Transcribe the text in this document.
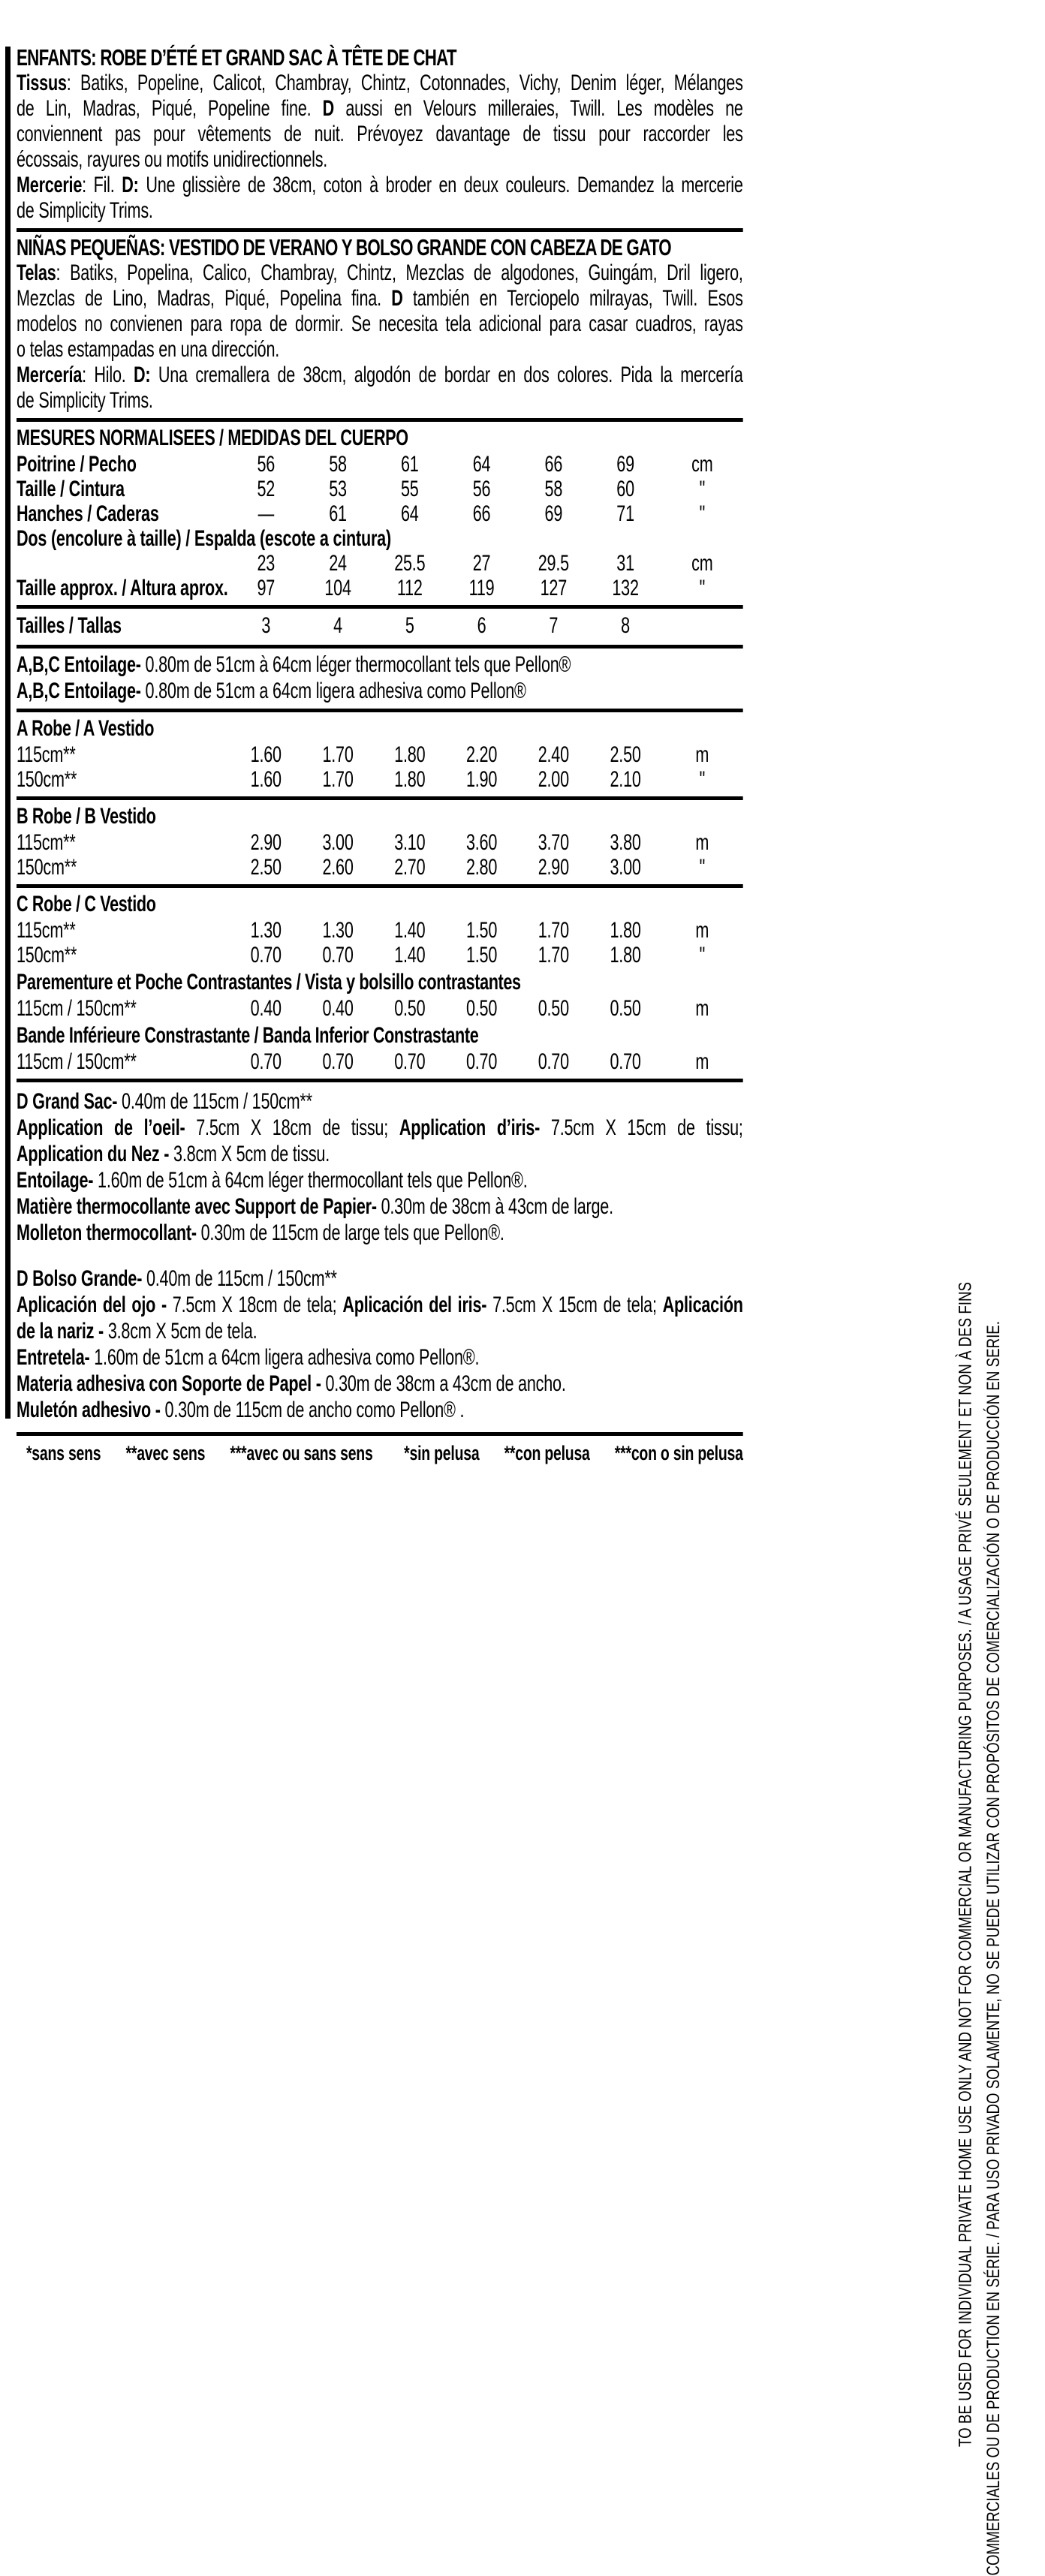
ENFANTS: ROBE D’ÉTÉ ET GRAND SAC À TÊTE DE CHAT
Tissus: Batiks, Popeline, Calicot, Chambray, Chintz, Cotonnades, Vichy, Denim léger, Mélanges
de Lin, Madras, Piqué, Popeline fine. D aussi en Velours milleraies, Twill. Les modèles ne
conviennent pas pour vêtements de nuit. Prévoyez davantage de tissu pour raccorder les
écossais, rayures ou motifs unidirectionnels.
Mercerie: Fil. D: Une glissière de 38cm, coton à broder en deux couleurs. Demandez la mercerie
de Simplicity Trims.
NIÑAS PEQUEÑAS: VESTIDO DE VERANO Y BOLSO GRANDE CON CABEZA DE GATO
Telas: Batiks, Popelina, Calico, Chambray, Chintz, Mezclas de algodones, Guingám, Dril ligero,
Mezclas de Lino, Madras, Piqué, Popelina fina. D también en Terciopelo milrayas, Twill. Esos
modelos no convienen para ropa de dormir. Se necesita tela adicional para casar cuadros, rayas
o telas estampadas en una dirección.
Mercería: Hilo. D: Una cremallera de 38cm, algodón de bordar en dos colores. Pida la mercería
de Simplicity Trims.
MESURES NORMALISEES / MEDIDAS DEL CUERPO
Poitrine / Pecho	56	58	61	64	66	69	cm
Taille / Cintura	52	53	55	56	58	60	"
Hanches / Caderas	—	61	64	66	69	71	"
Dos (encolure à taille) / Espalda (escote a cintura)
23	24	25.5	27	29.5	31	cm
Taille approx. / Altura aprox.	97	104	112	119	127	132	"
Tailles / Tallas	3	4	5	6	7	8
A,B,C Entoilage- 0.80m de 51cm à 64cm léger thermocollant tels que Pellon®
A,B,C Entoilage- 0.80m de 51cm a 64cm ligera adhesiva como Pellon®
A Robe / A Vestido
115cm**	1.60	1.70	1.80	2.20	2.40	2.50	m
150cm**	1.60	1.70	1.80	1.90	2.00	2.10	"
B Robe / B Vestido
115cm**	2.90	3.00	3.10	3.60	3.70	3.80	m
150cm**	2.50	2.60	2.70	2.80	2.90	3.00	"
C Robe / C Vestido
115cm**	1.30	1.30	1.40	1.50	1.70	1.80	m
150cm**	0.70	0.70	1.40	1.50	1.70	1.80	"
Parementure et Poche Contrastantes / Vista y bolsillo contrastantes
115cm / 150cm**	0.40	0.40	0.50	0.50	0.50	0.50	m
Bande Inférieure Constrastante / Banda Inferior Constrastante
115cm / 150cm**	0.70	0.70	0.70	0.70	0.70	0.70	m
D Grand Sac- 0.40m de 115cm / 150cm**
Application de l’oeil- 7.5cm X 18cm de tissu; Application d’iris- 7.5cm X 15cm de tissu;
Application du Nez - 3.8cm X 5cm de tissu.
Entoilage- 1.60m de 51cm à 64cm léger thermocollant tels que Pellon®.
Matière thermocollante avec Support de Papier- 0.30m de 38cm à 43cm de large.
Molleton thermocollant- 0.30m de 115cm de large tels que Pellon®.
D Bolso Grande- 0.40m de 115cm / 150cm**
Aplicación del ojo - 7.5cm X 18cm de tela; Aplicación del iris- 7.5cm X 15cm de tela; Aplicación
de la nariz - 3.8cm X 5cm de tela.
Entretela- 1.60m de 51cm a 64cm ligera adhesiva como Pellon®.
Materia adhesiva con Soporte de Papel - 0.30m de 38cm a 43cm de ancho.
Muletón adhesivo - 0.30m de 115cm de ancho como Pellon® .
*sans sens **avec sens ***avec ou sans sens *sin pelusa **con pelusa ***con o sin pelusa	TO BE USED FOR INDIVIDUAL PRIVATE HOME USE ONLY AND NOT FOR COMMERCIAL OR MANUFACTURING PURPOSES. / A USAGE PRIVÉ SEULEMENT ET NON À DES FINS COMMERCIALES OU DE PRODUCTION EN SÉRIE. / PARA USO PRIVADO SOLAMENTE, NO SE PUEDE UTILIZAR CON PROPÓSITOS DE COMERCIALIZACIÓN O DE PRODUCCIÓN EN SERIE.
